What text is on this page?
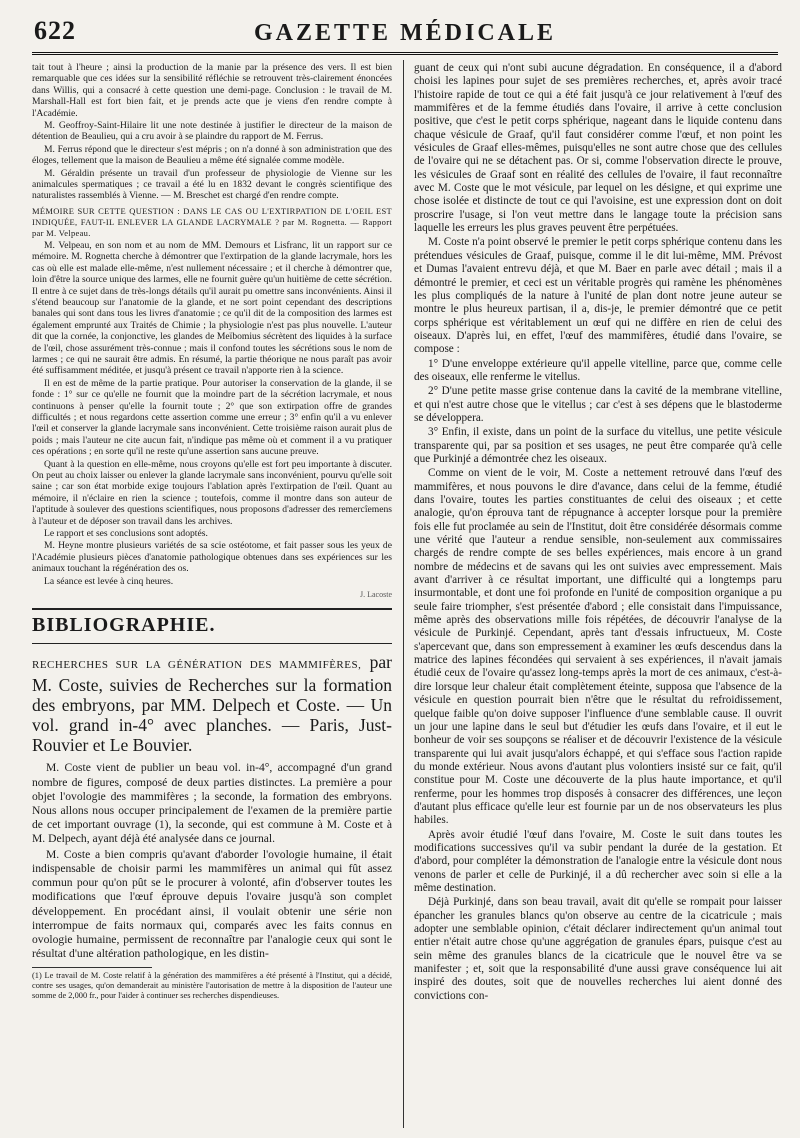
622	GAZETTE MÉDICALE

tait tout à l'heure ; ainsi la production de la manie par la présence des vers. Il est bien remarquable que ces idées sur la sensibilité réfléchie se retrouvent très-clairement énoncées dans Willis, qui a consacré à cette question une demi-page. Conclusion : le travail de M. Marshall-Hall est fort bien fait, et je prends acte que je viens d'en rendre compte à l'Académie.

M. Geoffroy-Saint-Hilaire lit une note destinée à justifier le directeur de la maison de détention de Beaulieu, qui a cru avoir à se plaindre du rapport de M. Ferrus.

M. Ferrus répond que le directeur s'est mépris ; on n'a donné à son administration que des éloges, tellement que la maison de Beaulieu a même été signalée comme modèle.

M. Géraldin présente un travail d'un professeur de physiologie de Vienne sur les animalcules spermatiques ; ce travail a été lu en 1832 devant le congrès scientifique des naturalistes rassemblés à Vienne. — M. Breschet est chargé d'en rendre compte.

MÉMOIRE SUR CETTE QUESTION : DANS LE CAS OU L'EXTIRPATION DE L'OEIL EST INDIQUÉE, FAUT-IL ENLEVER LA GLANDE LACRYMALE ? par M. Rognetta. — Rapport par M. Velpeau.

M. Velpeau, en son nom et au nom de MM. Demours et Lisfranc, lit un rapport sur ce mémoire. M. Rognetta cherche à démontrer que l'extirpation de la glande lacrymale, hors les cas où elle est malade elle-même, n'est nullement nécessaire ; et il cherche à démontrer que, loin d'être la source unique des larmes, elle ne fournit guère qu'un huitième de cette sécrétion. Il entre à ce sujet dans de très-longs détails qu'il aurait pu omettre sans inconvénients. Ainsi il s'étend beaucoup sur l'anatomie de la glande, et ne sort point cependant des descriptions banales qui sont dans tous les livres d'anatomie ; ce qu'il dit de la composition des larmes est également emprunté aux Traités de Chimie ; la physiologie n'est pas plus nouvelle. L'auteur dit que la cornée, la conjonctive, les glandes de Meïbomius sécrètent des liquides à la surface de l'œil, chose assurément très-connue ; mais il confond toutes les sécrétions sous le nom de larmes ; ce qui ne saurait être admis. En résumé, la partie théorique ne nous paraît pas avoir été suffisamment méditée, et jusqu'à présent ce travail n'apporte rien à la science.

Il en est de même de la partie pratique. Pour autoriser la conservation de la glande, il se fonde : 1° sur ce qu'elle ne fournit que la moindre part de la sécrétion lacrymale, et nous continuons à penser qu'elle la fournit toute ; 2° que son extirpation offre de grandes difficultés ; et nous regardons cette assertion comme une erreur ; 3° enfin qu'il a vu enlever l'œil et conserver la glande lacrymale sans inconvénient. Cette troisième raison aurait plus de poids ; mais l'auteur ne cite aucun fait, n'indique pas même où et comment il a vu pratiquer ces opérations ; en sorte qu'il ne reste qu'une assertion sans aucune preuve.

Quant à la question en elle-même, nous croyons qu'elle est fort peu importante à discuter. On peut au choix laisser ou enlever la glande lacrymale sans inconvénient, pourvu qu'elle soit saine ; car son état morbide exige toujours l'ablation après l'extirpation de l'œil. Quant au mémoire, il n'éclaire en rien la science ; toutefois, comme il montre dans son auteur de l'aptitude à soulever des questions scientifiques, nous proposons d'adresser des remercîemens à l'auteur et de déposer son travail dans les archives.

Le rapport et ses conclusions sont adoptés.

M. Heyne montre plusieurs variétés de sa scie ostéotome, et fait passer sous les yeux de l'Académie plusieurs pièces d'anatomie pathologique obtenues dans ses expériences sur les animaux touchant la régénération des os.

La séance est levée à cinq heures.

J. Lacoste
BIBLIOGRAPHIE.

RECHERCHES SUR LA GÉNÉRATION DES MAMMIFÈRES, par M. Coste, suivies de Recherches sur la formation des embryons, par MM. Delpech et Coste. — Un vol. grand in-4° avec planches. — Paris, Just-Rouvier et Le Bouvier.

M. Coste vient de publier un beau vol. in-4°, accompagné d'un grand nombre de figures, composé de deux parties distinctes. La première a pour objet l'ovologie des mammifères ; la seconde, la formation des embryons. Nous allons nous occuper principalement de l'examen de la première partie de cet important ouvrage (1), la seconde, qui est commune à M. Coste et à M. Delpech, ayant déjà été analysée dans ce journal.

M. Coste a bien compris qu'avant d'aborder l'ovologie humaine, il était indispensable de choisir parmi les mammifères un animal qui fût assez commun pour qu'on pût se le procurer à volonté, afin d'observer toutes les modifications que l'œuf éprouve depuis l'ovaire jusqu'à son complet développement. En procédant ainsi, il voulait obtenir une série non interrompue de faits normaux qui, comparés avec les faits connus en ovologie humaine, permissent de reconnaître par l'analogie ceux qui sont le résultat d'une altération pathologique, en les distin-

(1) Le travail de M. Coste relatif à la génération des mammifères a été présenté à l'Institut, qui a décidé, contre ses usages, qu'on demanderait au ministère l'autorisation de mettre à la disposition de l'auteur une somme de 2,000 fr., pour l'aider à continuer ses recherches dispendieuses.

guant de ceux qui n'ont subi aucune dégradation. En conséquence, il a d'abord choisi les lapines pour sujet de ses premières recherches, et, après avoir tracé l'histoire rapide de tout ce qui a été fait jusqu'à ce jour relativement à l'œuf des mammifères et de la femme étudiés dans l'ovaire, il arrive à cette conclusion positive, que c'est le petit corps sphérique, nageant dans le liquide contenu dans chaque vésicule de Graaf, qu'il faut considérer comme l'œuf, et non point les vésicules de Graaf elles-mêmes, puisqu'elles ne sont autre chose que des cellules de l'ovaire qui ne se détachent pas. Or si, comme l'observation directe le prouve, les vésicules de Graaf sont en réalité des cellules de l'ovaire, il faut reconnaître avec M. Coste que le mot vésicule, par lequel on les désigne, et qui exprime une chose isolée et distincte de tout ce qui l'avoisine, est une expression dont on doit proscrire l'usage, si l'on veut mettre dans le langage toute la précision sans laquelle les erreurs les plus graves peuvent être perpétuées.

M. Coste n'a point observé le premier le petit corps sphérique contenu dans les prétendues vésicules de Graaf, puisque, comme il le dit lui-même, MM. Prévost et Dumas l'avaient entrevu déjà, et que M. Baer en parle avec détail ; mais il a démontré le premier, et ceci est un véritable progrès qui ramène les phénomènes les plus compliqués de la nature à l'unité de plan dont notre jeune auteur se montre le plus heureux partisan, il a, dis-je, le premier démontré que ce petit corps sphérique est véritablement un œuf qui ne diffère en rien de celui des oiseaux. D'après lui, en effet, l'œuf des mammifères, étudié dans l'ovaire, se compose :

1° D'une enveloppe extérieure qu'il appelle vitelline, parce que, comme celle des oiseaux, elle renferme le vitellus.

2° D'une petite masse grise contenue dans la cavité de la membrane vitelline, et qui n'est autre chose que le vitellus ; car c'est à ses dépens que le blastoderme se développera.

3° Enfin, il existe, dans un point de la surface du vitellus, une petite vésicule transparente qui, par sa position et ses usages, ne peut être comparée qu'à celle que Purkinjé a démontrée chez les oiseaux.

Comme on vient de le voir, M. Coste a nettement retrouvé dans l'œuf des mammifères, et nous pouvons le dire d'avance, dans celui de la femme, étudié dans l'ovaire, toutes les parties constituantes de celui des oiseaux ; et cette analogie, qu'on éprouva tant de répugnance à accepter lorsque pour la première fois elle fut proclamée au sein de l'Institut, doit être considérée désormais comme une vérité que l'auteur a rendue sensible, non-seulement aux commissaires chargés de rendre compte de ses belles expériences, mais encore à un grand nombre de médecins et de savans qui les ont suivies avec empressement. Mais avant d'arriver à ce résultat important, une difficulté qui a longtemps paru insurmontable, et dont une foi profonde en l'unité de composition organique a pu seule faire triompher, s'est présentée d'abord ; elle consistait dans l'impuissance, même après des observations mille fois répétées, de découvrir l'analyse de la vésicule de Purkinjé. Cependant, après tant d'essais infructueux, M. Coste s'apercevant que, dans son empressement à examiner les œufs descendus dans la matrice des lapines fécondées qui servaient à ses expériences, il n'avait jamais étudié ceux de l'ovaire qu'assez long-temps après la mort de ces animaux, c'est-à-dire lorsque leur chaleur était complètement éteinte, supposa que l'absence de la vésicule en question pourrait bien n'être que le résultat du refroidissement, quelque faible qu'on doive supposer l'influence d'une semblable cause. Il ouvrit un jour une lapine dans le seul but d'étudier les œufs dans l'ovaire, et il eut le bonheur de voir ses soupçons se réaliser et de découvrir l'existence de la vésicule transparente qui lui avait jusqu'alors échappé, et qui s'efface sous l'action rapide du monde extérieur. Nous avons d'autant plus volontiers insisté sur ce fait, qu'il constitue pour M. Coste une découverte de la plus haute importance, et qu'il renferme, pour les hommes trop disposés à consacrer des différences, une leçon d'autant plus efficace qu'elle leur est fournie par un de nos observateurs les plus habiles.

Après avoir étudié l'œuf dans l'ovaire, M. Coste le suit dans toutes les modifications successives qu'il va subir pendant la durée de la gestation. Et d'abord, pour compléter la démonstration de l'analogie entre la vésicule dont nous venons de parler et celle de Purkinjé, il a dû rechercher avec soin si elle a la même destination.

Déjà Purkinjé, dans son beau travail, avait dit qu'elle se rompait pour laisser épancher les granules blancs qu'on observe au centre de la cicatricule ; mais adopter une semblable opinion, c'était déclarer indirectement qu'un animal tout entier n'était autre chose qu'une aggrégation de granules épars, puisque c'est au sein même des granules blancs de la cicatricule que le nouvel être va se manifester ; et, soit que la responsabilité d'une aussi grave conséquence lui ait inspiré des doutes, soit que de nouvelles recherches lui aient donné des convictions con-
